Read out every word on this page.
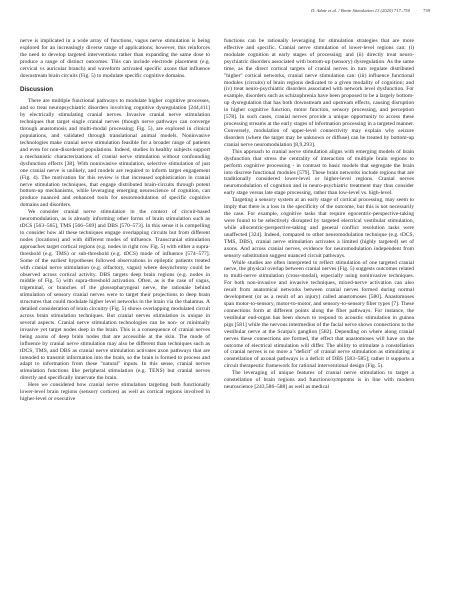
D. Adair et al. / Brain Stimulation 13 (2020) 717–750	739

nerve is implicated in a wide array of functions, vagus nerve stimulation is being explored for an increasingly diverse range of applications; however, this reinforces the need to develop targeted interventions rather than expanding the same dose to produce a range of distinct outcomes. This can include electrode placement (e.g. cervical vs auricular branch) and waveform activated specific axons that influence downstream brain circuits (Fig. 5) to modulate specific cognitive domains.

Discussion

There are multiple functional pathways to modulate higher cognitive processes, and so treat neuropsychiatric disorders involving cognitive dysregulation [244,411] by electrically stimulating cranial nerves. Invasive cranial nerve stimulation techniques that target single cranial nerves (though nerve pathways can converge through anastomosis and multi-modal processing; Fig. 5), are explored in clinical populations, and validated through translational animal models. Noninvasive technologies make cranial nerve stimulation feasible for a broader range of patients and even for non-disordered populations. Indeed, studies in healthy subjects support a mechanistic characterizations of cranial nerve stimulation without confounding dysfunction effects [38]. With noninvasive stimulation, selective stimulation of just one cranial nerve is unlikely, and models are required to inform target engagement (Fig. 4). The motivation for this review is that increased sophistication in cranial nerve stimulation techniques, that engage distributed brain-circuits through potent bottom-up mechanisms, while leveraging emerging neuroscience of cognition, can produce nuanced and enhanced tools for neuromodulation of specific cognitive domains and disorders.

We consider cranial nerve stimulation in the context of circuit-based neuromodulation, as is already informing other forms of brain stimulation such as tDCS [563–565], TMS [566–569] and DBS [570–573]. In this sense it is compelling to consider how all these techniques engage overlapping circuits but from different nodes (locations) and with different modes of influence. Transcranial stimulation approaches target cortical regions (e.g. nodes in right row Fig. 5) with either a supra-threshold (e.g. TMS) or sub-threshold (e.g. tDCS) mode of influence [574–577]. Some of the earliest hypotheses followed observations in epileptic patients treated with cranial nerve stimulation (e.g. olfactory, vagus) where desynchrony could be observed across cortical activity. DBS targets deep brain regions (e.g. nodes in middle of Fig. 5) with supra-threshold activation. Often, as is the case of vagus, trigeminal, or branches of the glossopharyngeal nerve, the rationale behind stimulation of sensory cranial nerves were to target their projections to deep brain structures that could modulate higher level networks in the brain via the thalamus. A detailed consideration of brain circuitry (Fig. 5) shows overlapping modulated circuit across brain stimulation techniques. But cranial nerves stimulation is unique in several aspects. Cranial nerve stimulation technologies can be non- or minimally invasive yet target nodes deep in the brain. This is a consequence of cranial nerves being axons of deep brain nodes that are accessible at the skin. The mode of influence by cranial nerve stimulation may also be different than techniques such as tDCS, TMS, and DBS as cranial nerve stimulation activates axon pathways that are intended to transmit information into the brain, so the brain is formed to process and adapt to information from these "natural" inputs. In this sense, cranial nerves stimulation functions like peripheral stimulation (e.g. TENS) but cranial nerves directly and specifically innervate the brain.

Here we considered how cranial nerve stimulation targeting both functionally lower-level brain regions (sensory cortices) as well as cortical regions involved in higher-level or executive

functions can be rationally leveraging for stimulation strategies that are more effective and specific. Cranial nerve stimulation of lower-level regions can: (i) modulate cognition at early stages of processing; and (ii) directly treat neuro-psychiatric disorders associated with bottom-up (sensory) dysregulation. As the same time, as the direct cortical targets of cranial nerves in turn regulate distributed "higher" cortical networks, cranial nerve stimulation can: (iii) influence functional modules (circuits) of brain regions dedicated to a given modality of cognition; and (iv) treat neuro-psychiatric disorders associated with network level dysfunction. For example, disorders such as schizophrenia have been proposed to be a largely bottom-up dysregulation that has both downstream and upstream effects, causing disruption in higher cognitive function, motor function, sensory processing, and perception [578]. In such cases, cranial nerves provide a unique opportunity to access these processing streams at the early stages of information processing in a targeted manner. Conversely, modulation of upper-level connectivity may explain why seizure disorders (where the target may be unknown or diffuse) can be treated by bottom-up cranial nerve neuromodulation [8,9,293].

This approach to cranial nerve stimulation aligns with emerging models of brain dysfunction that stress the centrality of interaction of multiple brain regions to perform cognitive processing - in contrast to basic models that segregate the brain into discrete functional modules [579]. These brain networks include regions that are traditionally considered lower-level or higher-level regions. Cranial nerves neuromodulation of cognition and in neuro-psychiatric treatment may thus consider early stage versus late stage processing, rather than low-level vs. high-level.

Targeting a sensory system at an early stage of cortical processing, may seem to imply that there is a loss in the specificity of the outcome, but this is not necessarily the case. For example, cognitive tasks that require egocentric-perspective-taking were found to be selectively disrupted by targeted electrical vestibular stimulation, while allocentric-perspective-taking and general conflict resolution tasks were unaffected [324]. Indeed, compared to other neuromodulation technique (e.g. tDCS, TMS, DBS), cranial nerve stimulation activates a limited (highly targeted) set of axons. And across cranial nerves, evidence for neuromodulation independent from sensory substitution suggest nuanced circuit pathways.

While studies are often interpreted to reflect stimulation of one targeted cranial nerve, the physical overlap between cranial nerves (Fig. 5) suggests outcomes related to multi-nerve stimulation (cross-modal), especially using noninvasive techniques. For both non-invasive and invasive techniques, mixed-nerve activation can also result from anatomical networks between cranial nerves formed during normal development (or as a result of an injury) called anastomoses [580]. Anastomoses span motor-to-sensory, motor-to-motor, and sensory-to-sensory fiber types [7]. These connections form at different points along the fiber pathways. For instance, the vestibular end-organ has been shown to respond to acoustic stimulation in guinea pigs [581] while the nervous intermedius of the facial nerve shows connections to the vestibular nerve at the Scarpa's ganglion [582]. Depending on where along cranial nerves these connections are formed, the effect that anastomoses will have on the outcome of electrical stimulation will differ. The ability to stimulate a constellation of cranial nerves is no more a "deficit" of cranial nerve stimulation as stimulating a constellation of axonal pathways is a deficit of DBS [583–585]; rather it supports a circuit therapeutic framework for rational interventional design (Fig. 5).

The leveraging of unique features of cranial nerve stimulation to target a constellation of brain regions and functions/symptoms is in line with modern neuroscience [243,586–588] as well as medical
